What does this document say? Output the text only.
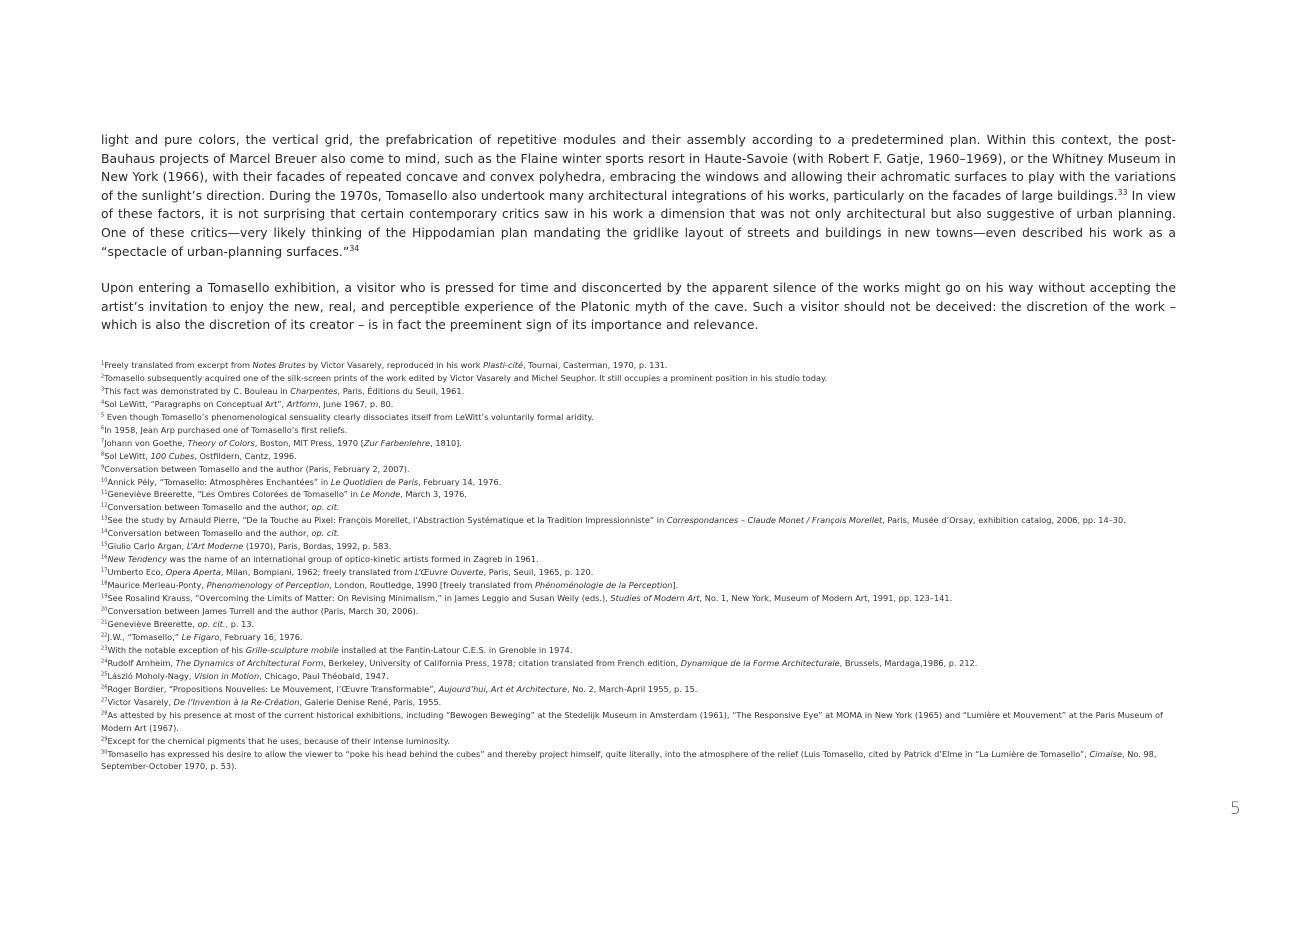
light and pure colors, the vertical grid, the prefabrication of repetitive modules and their assembly according to a predetermined plan. Within this context, the post-Bauhaus projects of Marcel Breuer also come to mind, such as the Flaine winter sports resort in Haute-Savoie (with Robert F. Gatje, 1960–1969), or the Whitney Museum in New York (1966), with their facades of repeated concave and convex polyhedra, embracing the windows and allowing their achromatic surfaces to play with the variations of the sunlight’s direction. During the 1970s, Tomasello also undertook many architectural integrations of his works, particularly on the facades of large buildings.$^{33}$ In view of these factors, it is not surprising that certain contemporary critics saw in his work a dimension that was not only architectural but also suggestive of urban planning. One of these critics—very likely thinking of the Hippodamian plan mandating the gridlike layout of streets and buildings in new towns—even described his work as a “spectacle of urban-planning surfaces.”$^{34}$

Upon entering a Tomasello exhibition, a visitor who is pressed for time and disconcerted by the apparent silence of the works might go on his way without accepting the artist’s invitation to enjoy the new, real, and perceptible experience of the Platonic myth of the cave. Such a visitor should not be deceived: the discretion of the work – which is also the discretion of its creator – is in fact the preeminent sign of its importance and relevance.

$^1$Freely translated from excerpt from Notes Brutes by Victor Vasarely, reproduced in his work Plasti-cité, Tournai, Casterman, 1970, p. 131.

$^2$Tomasello subsequently acquired one of the silk-screen prints of the work edited by Victor Vasarely and Michel Seuphor. It still occupies a prominent position in his studio today.

$^3$This fact was demonstrated by C. Bouleau in Charpentes, Paris, Éditions du Seuil, 1961.

$^4$Sol LeWitt, “Paragraphs on Conceptual Art”, Artform, June 1967, p. 80.

$^5$ Even though Tomasello’s phenomenological sensuality clearly dissociates itself from LeWitt’s voluntarily formal aridity.

$^6$In 1958, Jean Arp purchased one of Tomasello’s first reliefs.

$^7$Johann von Goethe, Theory of Colors, Boston, MIT Press, 1970 [Zur Farbenlehre, 1810].

$^8$Sol LeWitt, 100 Cubes, Ostfildern, Cantz, 1996.

$^9$Conversation between Tomasello and the author (Paris, February 2, 2007).

$^{10}$Annick Pély, “Tomasello: Atmosphères Enchantées” in Le Quotidien de Paris, February 14, 1976.

$^{11}$Geneviève Breerette, “Les Ombres Colorées de Tomasello” in Le Monde, March 3, 1976.

$^{12}$Conversation between Tomasello and the author, op. cit.

$^{13}$See the study by Arnauld Pierre, “De la Touche au Pixel: François Morellet, l’Abstraction Systématique et la Tradition Impressionniste” in Correspondances – Claude Monet / François Morellet, Paris, Musée d’Orsay, exhibition catalog, 2006, pp. 14–30.

$^{14}$Conversation between Tomasello and the author, op. cit.

$^{15}$Giulio Carlo Argan, L’Art Moderne (1970), Paris, Bordas, 1992, p. 583.

$^{16}$New Tendency was the name of an international group of optico-kinetic artists formed in Zagreb in 1961.

$^{17}$Umberto Eco, Opera Aperta, Milan, Bompiani, 1962; freely translated from L’Œuvre Ouverte, Paris, Seuil, 1965, p. 120.

$^{18}$Maurice Merleau-Ponty, Phenomenology of Perception, London, Routledge, 1990 [freely translated from Phénoménologie de la Perception].

$^{19}$See Rosalind Krauss, “Overcoming the Limits of Matter: On Revising Minimalism,” in James Leggio and Susan Weily (eds.), Studies of Modern Art, No. 1, New York, Museum of Modern Art, 1991, pp. 123–141.

$^{20}$Conversation between James Turrell and the author (Paris, March 30, 2006).

$^{21}$Geneviève Breerette, op. cit., p. 13.

$^{22}$J.W., “Tomasello,” Le Figaro, February 16, 1976.

$^{23}$With the notable exception of his Grille-sculpture mobile installed at the Fantin-Latour C.E.S. in Grenoble in 1974.

$^{24}$Rudolf Arnheim, The Dynamics of Architectural Form, Berkeley, University of California Press, 1978; citation translated from French edition, Dynamique de la Forme Architecturale, Brussels, Mardaga,1986, p. 212.

$^{25}$László Moholy-Nagy, Vision in Motion, Chicago, Paul Théobald, 1947.

$^{26}$Roger Bordier, “Propositions Nouvelles: Le Mouvement, l’Œuvre Transformable”, Aujourd’hui, Art et Architecture, No. 2, March-April 1955, p. 15.

$^{27}$Victor Vasarely, De l’Invention à la Re-Création, Galerie Denise René, Paris, 1955.

$^{28}$As attested by his presence at most of the current historical exhibitions, including “Bewogen Beweging” at the Stedelijk Museum in Amsterdam (1961), “The Responsive Eye” at MOMA in New York (1965) and “Lumière et Mouvement” at the Paris Museum of Modern Art (1967).

$^{29}$Except for the chemical pigments that he uses, because of their intense luminosity.

$^{30}$Tomasello has expressed his desire to allow the viewer to “poke his head behind the cubes” and thereby project himself, quite literally, into the atmosphere of the relief (Luis Tomasello, cited by Patrick d’Elme in “La Lumière de Tomasello”, Cimaise, No. 98, September-October 1970, p. 53).

5
